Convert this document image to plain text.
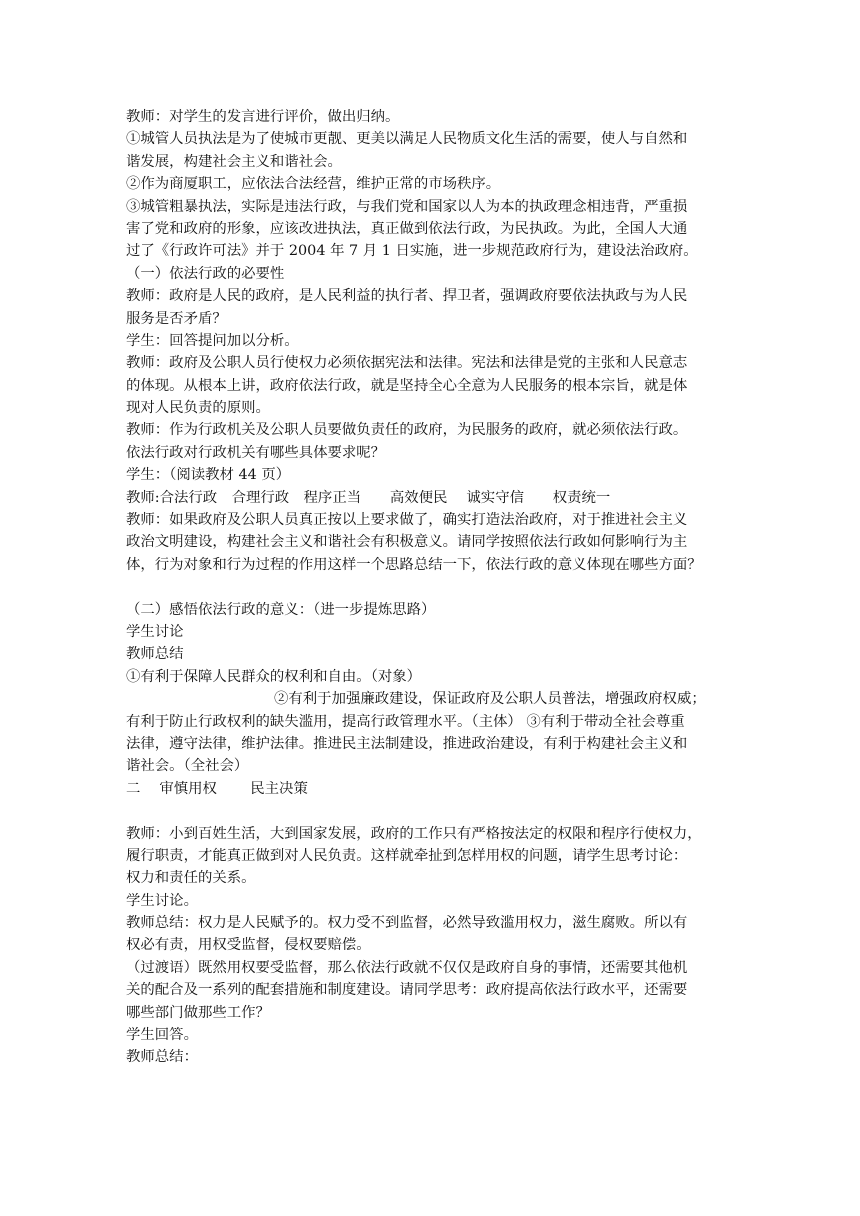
教师：对学生的发言进行评价，做出归纳。
①城管人员执法是为了使城市更靓、更美以满足人民物质文化生活的需要，使人与自然和
谐发展，构建社会主义和谐社会。
②作为商厦职工，应依法合法经营，维护正常的市场秩序。
③城管粗暴执法，实际是违法行政，与我们党和国家以人为本的执政理念相违背，严重损
害了党和政府的形象，应该改进执法，真正做到依法行政，为民执政。为此，全国人大通
过了《行政许可法》并于 2004 年 7 月 1 日实施，进一步规范政府行为，建设法治政府。
（一）依法行政的必要性
教师：政府是人民的政府，是人民利益的执行者、捍卫者，强调政府要依法执政与为人民
服务是否矛盾？
学生：回答提问加以分析。
教师：政府及公职人员行使权力必须依据宪法和法律。宪法和法律是党的主张和人民意志
的体现。从根本上讲，政府依法行政，就是坚持全心全意为人民服务的根本宗旨，就是体
现对人民负责的原则。
教师：作为行政机关及公职人员要做负责任的政府，为民服务的政府，就必须依法行政。
依法行政对行政机关有哪些具体要求呢？
学生：（阅读教材 44 页）
教师:合法行政　合理行政　程序正当　　高效便民　 诚实守信　　权责统一
教师：如果政府及公职人员真正按以上要求做了，确实打造法治政府，对于推进社会主义
政治文明建设，构建社会主义和谐社会有积极意义。请同学按照依法行政如何影响行为主
体，行为对象和行为过程的作用这样一个思路总结一下，依法行政的意义体现在哪些方面？
（二）感悟依法行政的意义：（进一步提炼思路）
学生讨论
教师总结
①有利于保障人民群众的权利和自由。（对象）
②有利于加强廉政建设，保证政府及公职人员普法，增强政府权威；
有利于防止行政权利的缺失滥用，提高行政管理水平。（主体） ③有利于带动全社会尊重
法律，遵守法律，维护法律。推进民主法制建设，推进政治建设，有利于构建社会主义和
谐社会。（全社会）
二　 审慎用权　　 民主决策
教师：小到百姓生活，大到国家发展，政府的工作只有严格按法定的权限和程序行使权力，
履行职责，才能真正做到对人民负责。这样就牵扯到怎样用权的问题，请学生思考讨论：
权力和责任的关系。
学生讨论。
教师总结：权力是人民赋予的。权力受不到监督，必然导致滥用权力，滋生腐败。所以有
权必有责，用权受监督，侵权要赔偿。
（过渡语）既然用权要受监督，那么依法行政就不仅仅是政府自身的事情，还需要其他机
关的配合及一系列的配套措施和制度建设。请同学思考：政府提高依法行政水平，还需要
哪些部门做那些工作？
学生回答。
教师总结：
